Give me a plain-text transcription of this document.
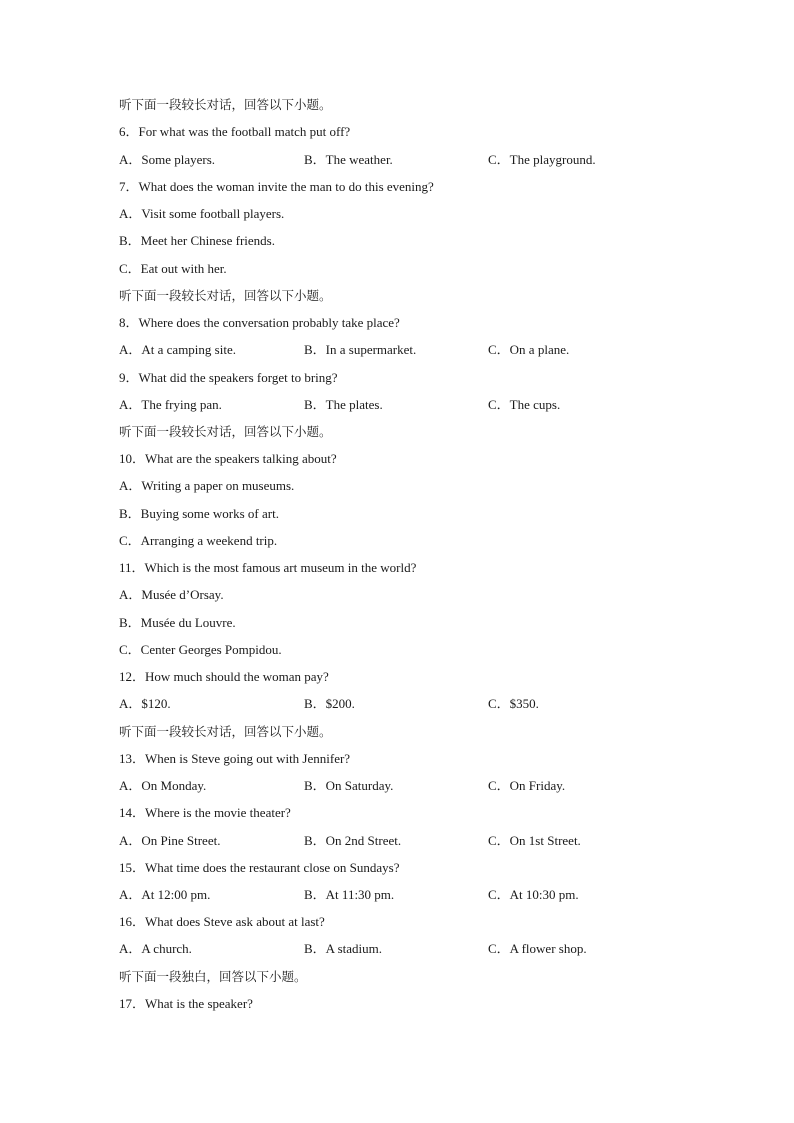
听下面一段较长对话，回答以下小题。
6．For what was the football match put off?
A．Some players.	B．The weather.	C．The playground.
7．What does the woman invite the man to do this evening?
A．Visit some football players.
B．Meet her Chinese friends.
C．Eat out with her.
听下面一段较长对话，回答以下小题。
8．Where does the conversation probably take place?
A．At a camping site.	B．In a supermarket.	C．On a plane.
9．What did the speakers forget to bring?
A．The frying pan.	B．The plates.	C．The cups.
听下面一段较长对话，回答以下小题。
10．What are the speakers talking about?
A．Writing a paper on museums.
B．Buying some works of art.
C．Arranging a weekend trip.
11．Which is the most famous art museum in the world?
A．Musée d’Orsay.
B．Musée du Louvre.
C．Center Georges Pompidou.
12．How much should the woman pay?
A．$120.	B．$200.	C．$350.
听下面一段较长对话，回答以下小题。
13．When is Steve going out with Jennifer?
A．On Monday.	B．On Saturday.	C．On Friday.
14．Where is the movie theater?
A．On Pine Street.	B．On 2nd Street.	C．On 1st Street.
15．What time does the restaurant close on Sundays?
A．At 12:00 pm.	B．At 11:30 pm.	C．At 10:30 pm.
16．What does Steve ask about at last?
A．A church.	B．A stadium.	C．A flower shop.
听下面一段独白，回答以下小题。
17．What is the speaker?
